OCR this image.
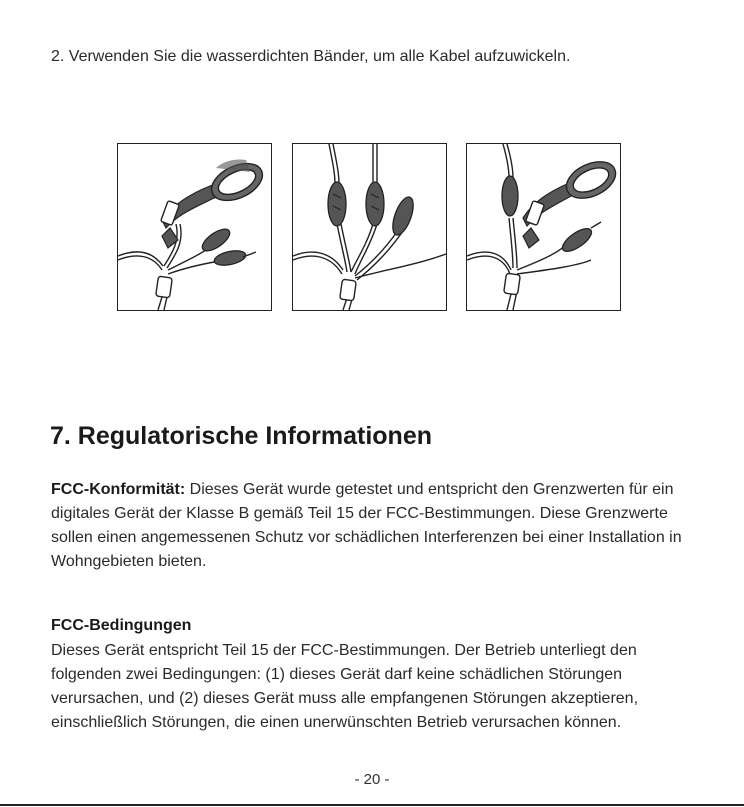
2. Verwenden Sie die wasserdichten Bänder, um alle Kabel aufzuwickeln.
7. Regulatorische Informationen

FCC-Konformität: Dieses Gerät wurde getestet und entspricht den Grenzwerten für ein digitales Gerät der Klasse B gemäß Teil 15 der FCC-Bestimmungen. Diese Grenzwerte sollen einen angemessenen Schutz vor schädlichen Interferenzen bei einer Installation in Wohngebieten bieten.

FCC-Bedingungen

Dieses Gerät entspricht Teil 15 der FCC-Bestimmungen. Der Betrieb unterliegt den folgenden zwei Bedingungen: (1) dieses Gerät darf keine schädlichen Störungen verursachen, und (2) dieses Gerät muss alle empfangenen Störungen akzeptieren, einschließlich Störungen, die einen unerwünschten Betrieb verursachen können.

- 20 -
